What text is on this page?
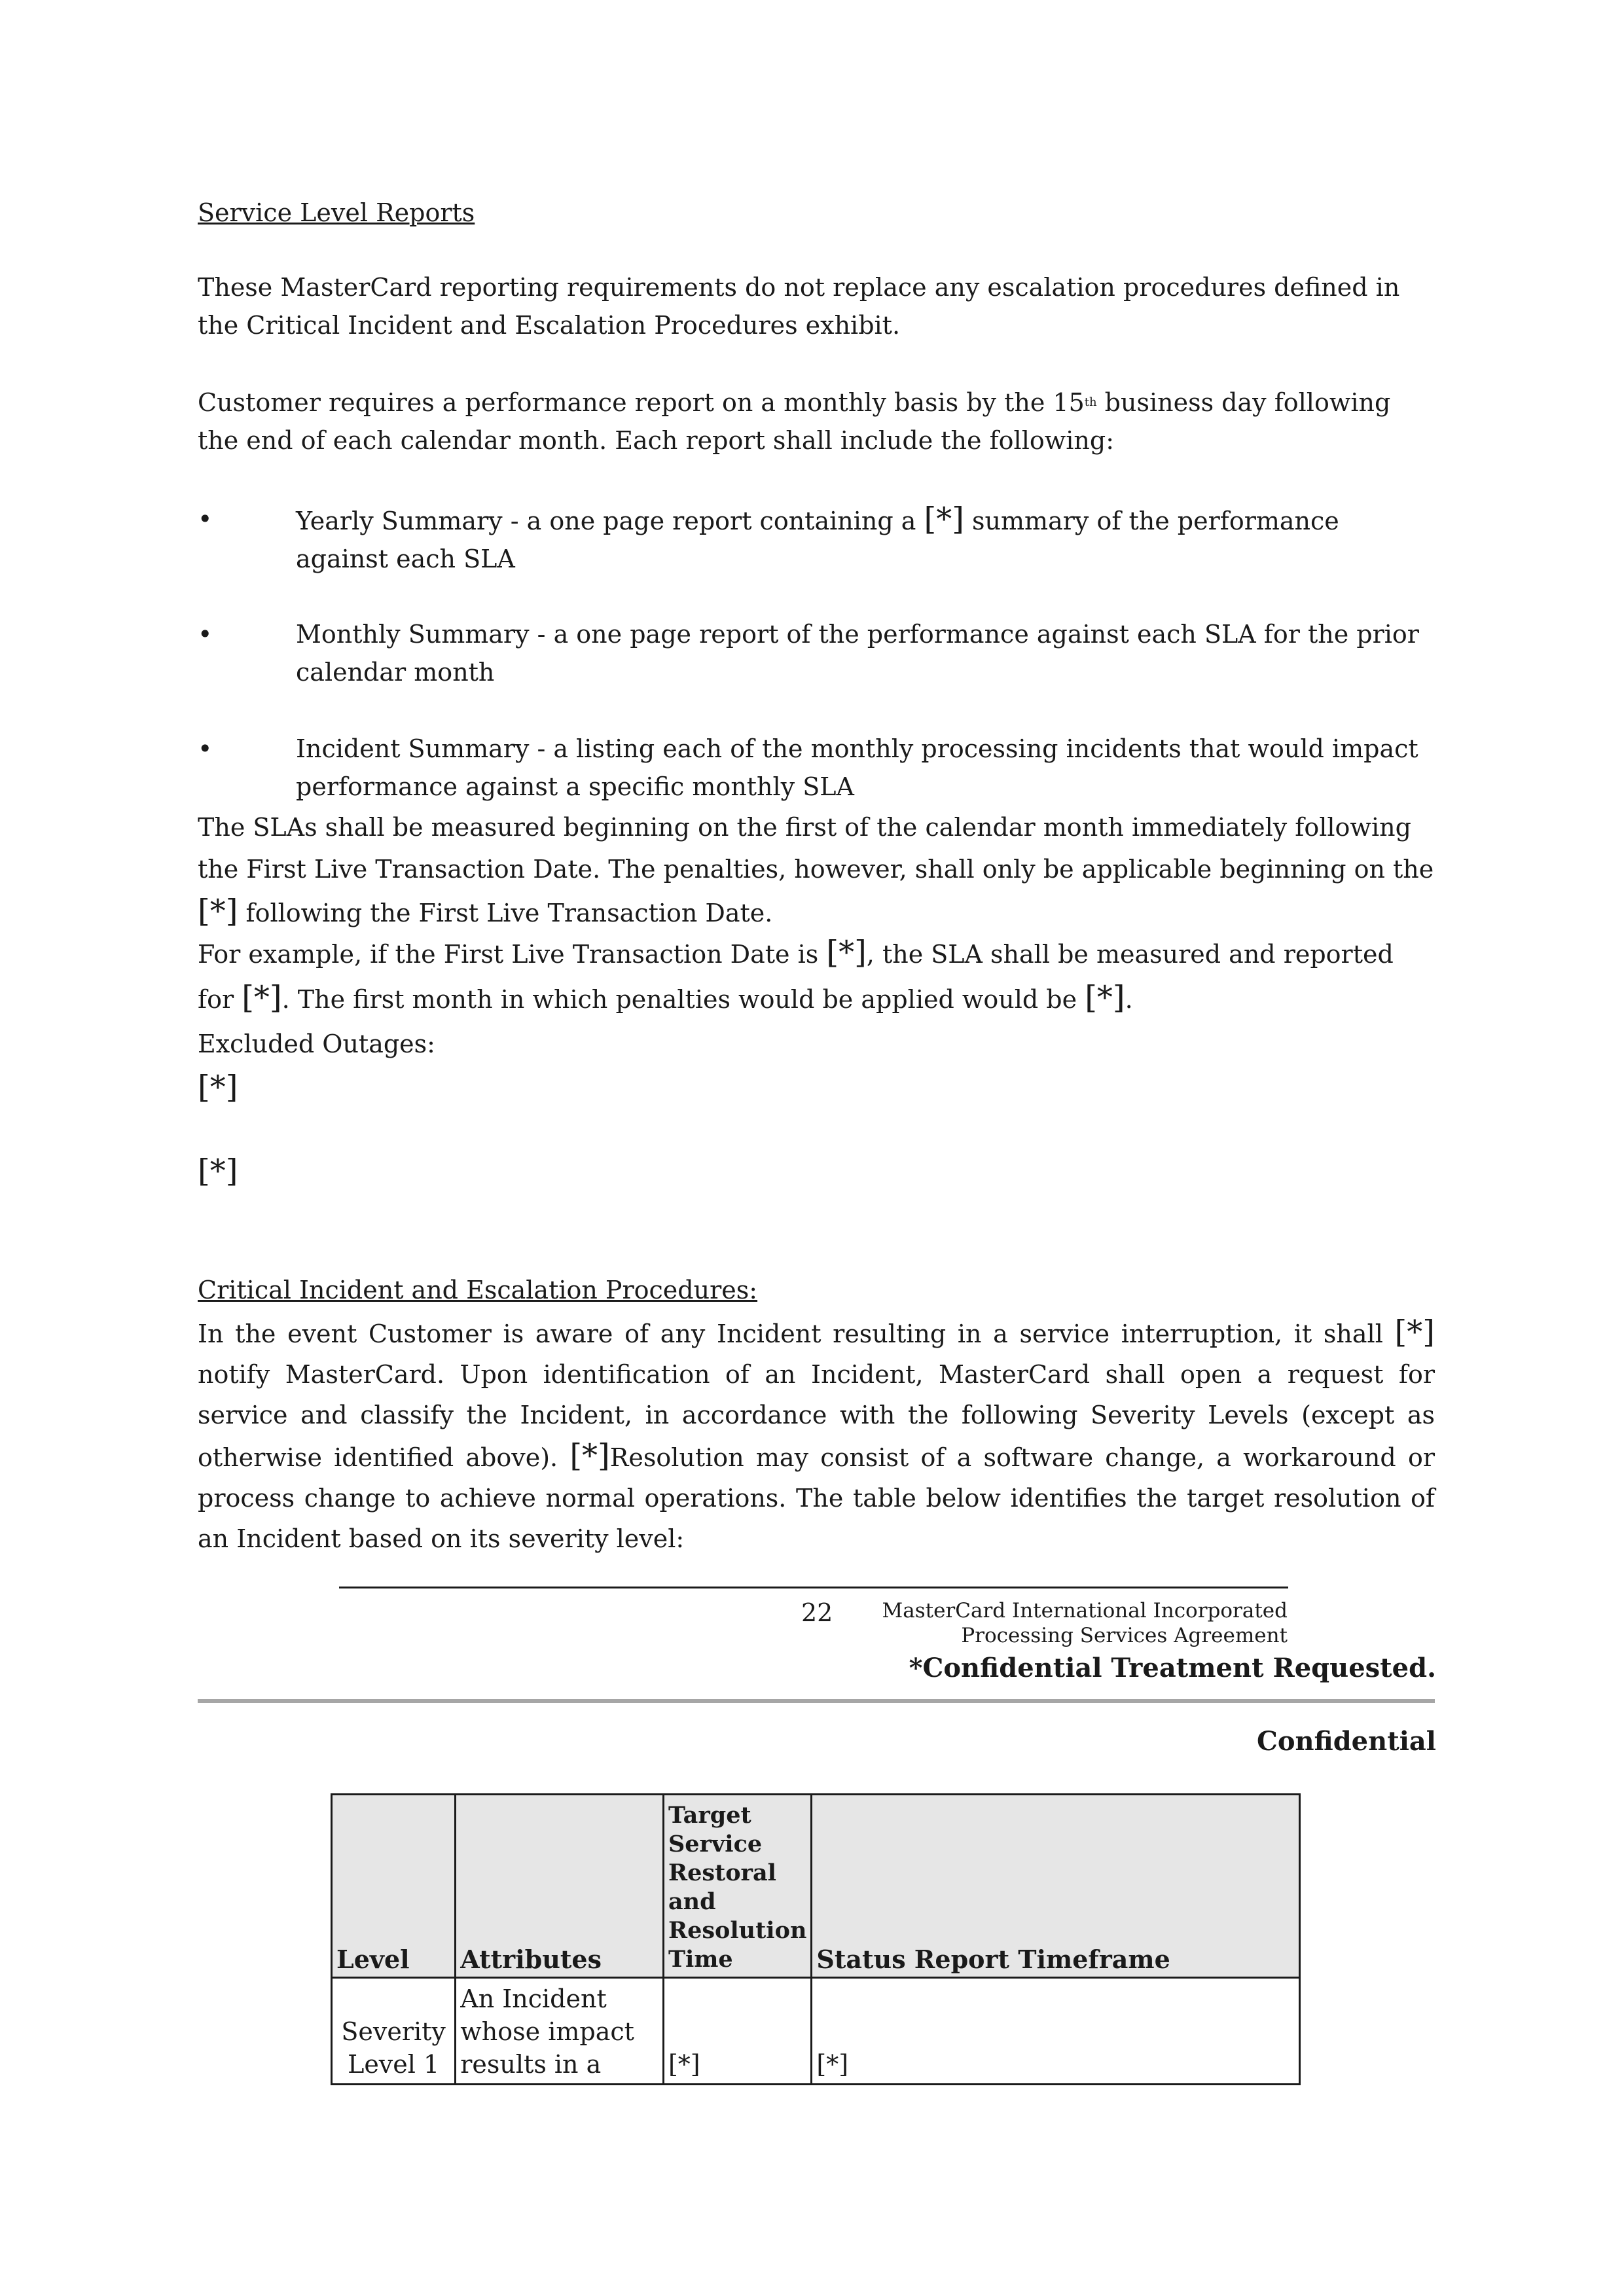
Service Level Reports

These MasterCard reporting requirements do not replace any escalation procedures defined in the Critical Incident and Escalation Procedures exhibit.

Customer requires a performance report on a monthly basis by the 15th business day following the end of each calendar month. Each report shall include the following:

•	Yearly Summary - a one page report containing a [*] summary of the performance against each SLA

•	Monthly Summary - a one page report of the performance against each SLA for the prior calendar month

•	Incident Summary - a listing each of the monthly processing incidents that would impact performance against a specific monthly SLA

The SLAs shall be measured beginning on the first of the calendar month immediately following the First Live Transaction Date. The penalties, however, shall only be applicable beginning on the [*] following the First Live Transaction Date.

For example, if the First Live Transaction Date is [*], the SLA shall be measured and reported for [*]. The first month in which penalties would be applied would be [*].

Excluded Outages:

[*]

[*]

Critical Incident and Escalation Procedures:

In the event Customer is aware of any Incident resulting in a service interruption, it shall [*] notify MasterCard. Upon identification of an Incident, MasterCard shall open a request for service and classify the Incident, in accordance with the following Severity Levels (except as otherwise identified above). [*]Resolution may consist of a software change, a workaround or process change to achieve normal operations. The table below identifies the target resolution of an Incident based on its severity level:

22 MasterCard International Incorporated
Processing Services Agreement
*Confidential Treatment Requested.
Confidential
Level	Attributes	Target Service Restoral and Resolution Time	Status Report Timeframe
Severity Level 1	An Incident whose impact results in a	[*]	[*]
